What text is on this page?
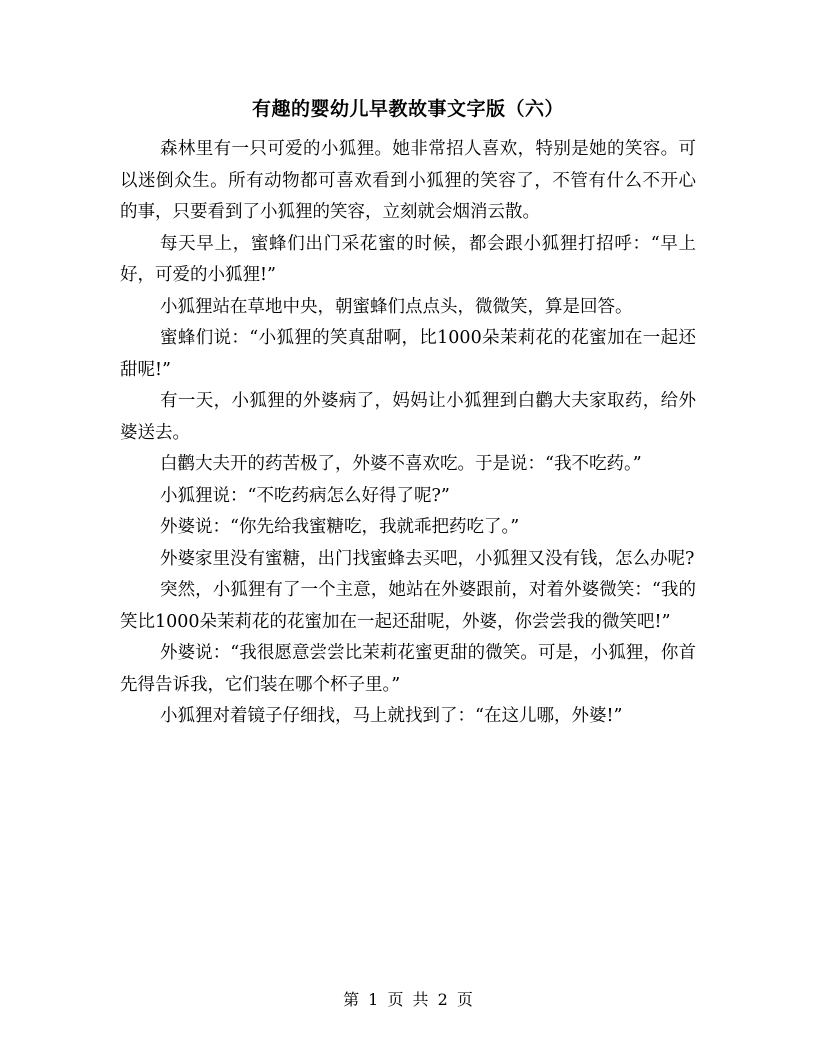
有趣的婴幼儿早教故事文字版（六）

森林里有一只可爱的小狐狸。她非常招人喜欢，特别是她的笑容。可以迷倒众生。所有动物都可喜欢看到小狐狸的笑容了，不管有什么不开心的事，只要看到了小狐狸的笑容，立刻就会烟消云散。

每天早上，蜜蜂们出门采花蜜的时候，都会跟小狐狸打招呼：“早上好，可爱的小狐狸!”

小狐狸站在草地中央，朝蜜蜂们点点头，微微笑，算是回答。

蜜蜂们说：“小狐狸的笑真甜啊，比1000朵茉莉花的花蜜加在一起还甜呢!”

有一天，小狐狸的外婆病了，妈妈让小狐狸到白鹳大夫家取药，给外婆送去。

白鹳大夫开的药苦极了，外婆不喜欢吃。于是说：“我不吃药。”

小狐狸说：“不吃药病怎么好得了呢?”

外婆说：“你先给我蜜糖吃，我就乖把药吃了。”

外婆家里没有蜜糖，出门找蜜蜂去买吧，小狐狸又没有钱，怎么办呢?

突然，小狐狸有了一个主意，她站在外婆跟前，对着外婆微笑：“我的笑比1000朵茉莉花的花蜜加在一起还甜呢，外婆，你尝尝我的微笑吧!”

外婆说：“我很愿意尝尝比茉莉花蜜更甜的微笑。可是，小狐狸，你首先得告诉我，它们装在哪个杯子里。”

小狐狸对着镜子仔细找，马上就找到了：“在这儿哪，外婆!”

第 1 页 共 2 页
